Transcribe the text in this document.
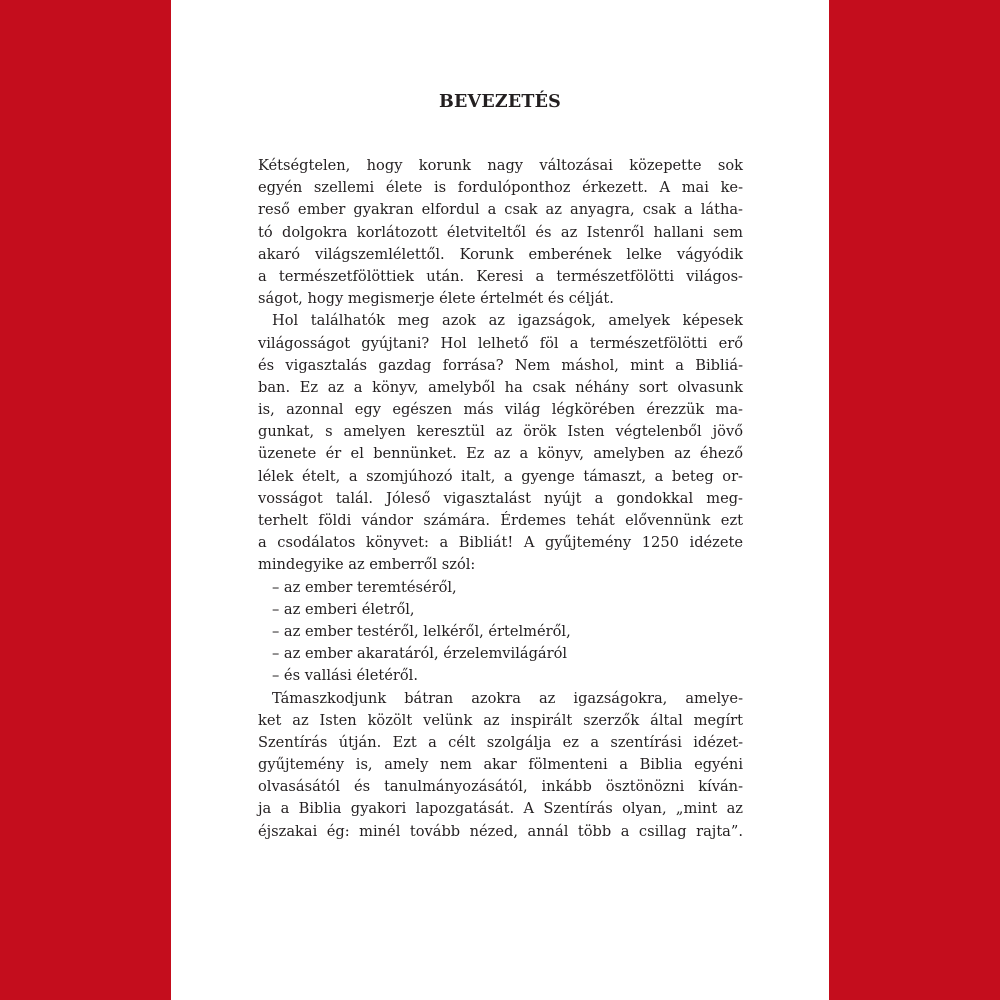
BEVEZETÉS
Kétségtelen, hogy korunk nagy változásai közepette sok
egyén szellemi élete is fordulóponthoz érkezett. A mai ke-
reső ember gyakran elfordul a csak az anyagra, csak a látha-
tó dolgokra korlátozott életviteltől és az Istenről hallani sem
akaró világszemlélettől. Korunk emberének lelke vágyódik
a természetfölöttiek után. Keresi a természetfölötti világos-
ságot, hogy megismerje élete értelmét és célját.
Hol találhatók meg azok az igazságok, amelyek képesek
világosságot gyújtani? Hol lelhető föl a természetfölötti erő
és vigasztalás gazdag forrása? Nem máshol, mint a Bibliá-
ban. Ez az a könyv, amelyből ha csak néhány sort olvasunk
is, azonnal egy egészen más világ légkörében érezzük ma-
gunkat, s amelyen keresztül az örök Isten végtelenből jövő
üzenete ér el bennünket. Ez az a könyv, amelyben az éhező
lélek ételt, a szomjúhozó italt, a gyenge támaszt, a beteg or-
vosságot talál. Jóleső vigasztalást nyújt a gondokkal meg-
terhelt földi vándor számára. Érdemes tehát elővennünk ezt
a csodálatos könyvet: a Bibliát! A gyűjtemény 1250 idézete
mindegyike az emberről szól:
– az ember teremtéséről,
– az emberi életről,
– az ember testéről, lelkéről, értelméről,
– az ember akaratáról, érzelemvilágáról
– és vallási életéről.
Támaszkodjunk bátran azokra az igazságokra, amelye-
ket az Isten közölt velünk az inspirált szerzők által megírt
Szentírás útján. Ezt a célt szolgálja ez a szentírási idézet-
gyűjtemény is, amely nem akar fölmenteni a Biblia egyéni
olvasásától és tanulmányozásától, inkább ösztönözni kíván-
ja a Biblia gyakori lapozgatását. A Szentírás olyan, „mint az
éjszakai ég: minél tovább nézed, annál több a csillag rajta”.
